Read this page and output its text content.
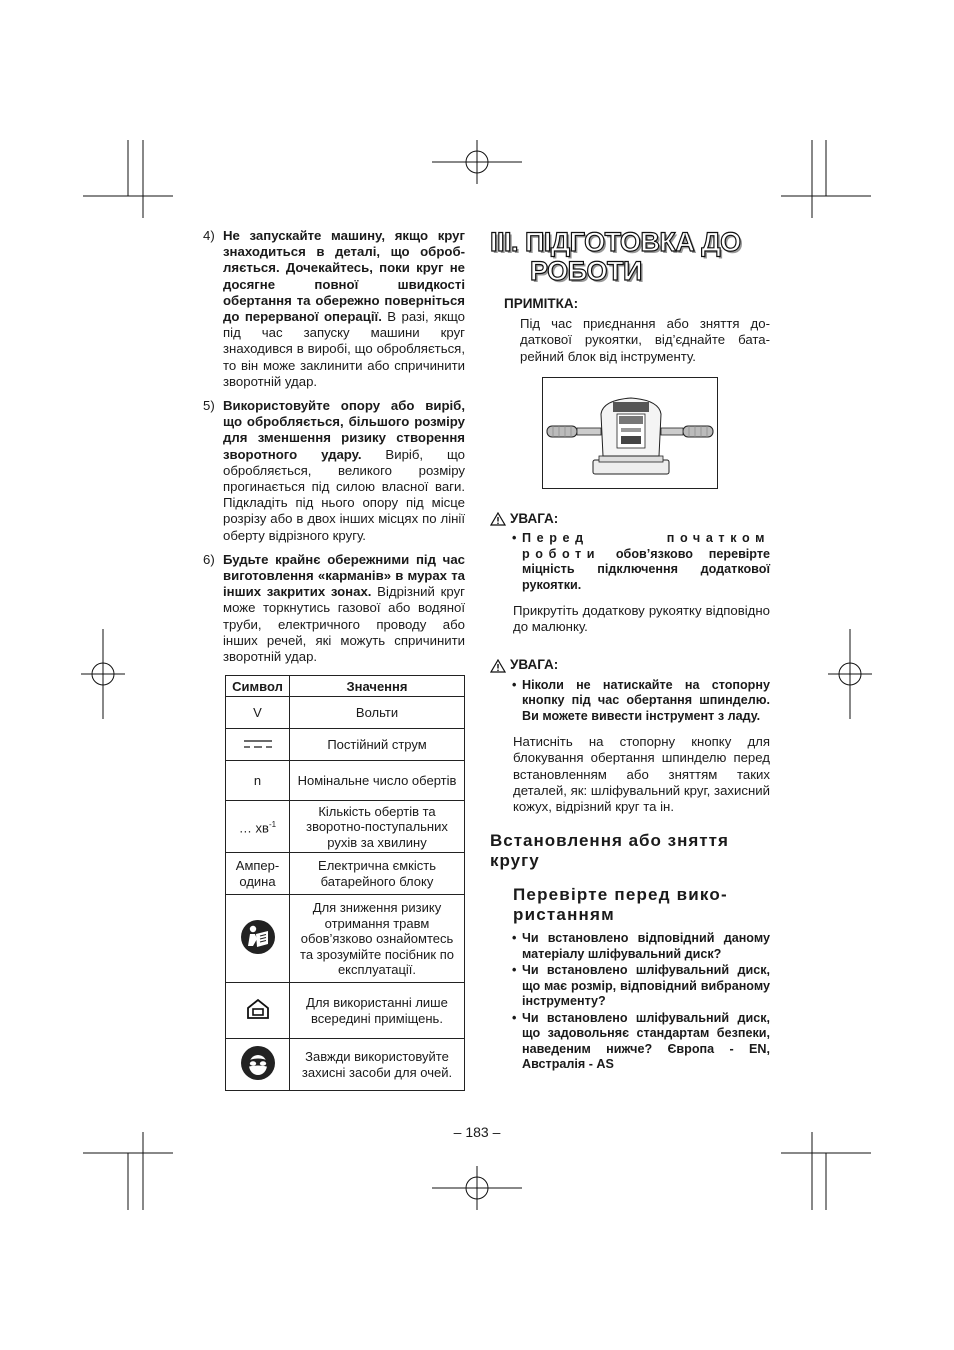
4) Не запускайте машину, якщо круг знаходиться в деталі, що обробляється. Дочекайтесь, поки круг не досягне повної швидкості обертання та обережно поверніться до перерваної операції. В разі, якщо під час запуску машини круг знаходився в виробі, що обробляється, то він може заклинити або спричинити зворотній удар.
5) Використовуйте опору або виріб, що обробляється, більшого розміру для зменшення ризику створення зворотного удару. Виріб, що обробляється, великого розміру прогинається під силою власної ваги. Підкладіть під нього опору під місце розрізу або в двох інших місцях по лінії оберту відрізного кругу.
6) Будьте крайнє обережними під час виготовлення «карманів» в мурах та інших закритих зонах. Відрізний круг може торкнутись газової або водяної труби, електричного проводу або інших речей, які можуть спричинити зворотній удар.
Символ	Значення
V	Вольти
	Постійний струм
n	Номінальне число обертів
… $хв^{-1}$	Кількість обертів та зворотно-поступальних рухів за хвилину
Ампер-одина	Електрична ємкість батарейного блоку
	Для зниження ризику отримання травм обов’язково ознайомтесь та зрозумійте посібник по експлуатації.
	Для використанні лише всередині приміщень.
	Завжди використовуйте захисні засоби для очей.
III. ПІДГОТОВКА ДО
РОБОТИ
ПРИМІТКА:
Під час приєднання або зняття додаткової рукоятки, від’єднайте батарейний блок від інструменту.
УВАГА:
• Перед початком роботи обов’язково перевірте міцність підключення додаткової рукоятки.
Прикрутіть додаткову рукоятку відповідно до малюнку.
УВАГА:
• Ніколи не натискайте на стопорну кнопку під час обертання шпинделю. Ви можете вивести інструмент з ладу.
Натисніть на стопорну кнопку для блокування обертання шпинделю перед встановленням або зняттям таких деталей, як: шліфувальний круг, захисний кожух, відрізний круг та ін.
Встановлення або зняття кругу
Перевірте перед використанням
• Чи встановлено відповідний даному матеріалу шліфувальний диск?
• Чи встановлено шліфувальний диск, що має розмір, відповідний вибраному інструменту?
• Чи встановлено шліфувальний диск, що задовольняє стандартам безпеки, наведеним нижче? Європа - EN, Австралія - AS
– 183 –
